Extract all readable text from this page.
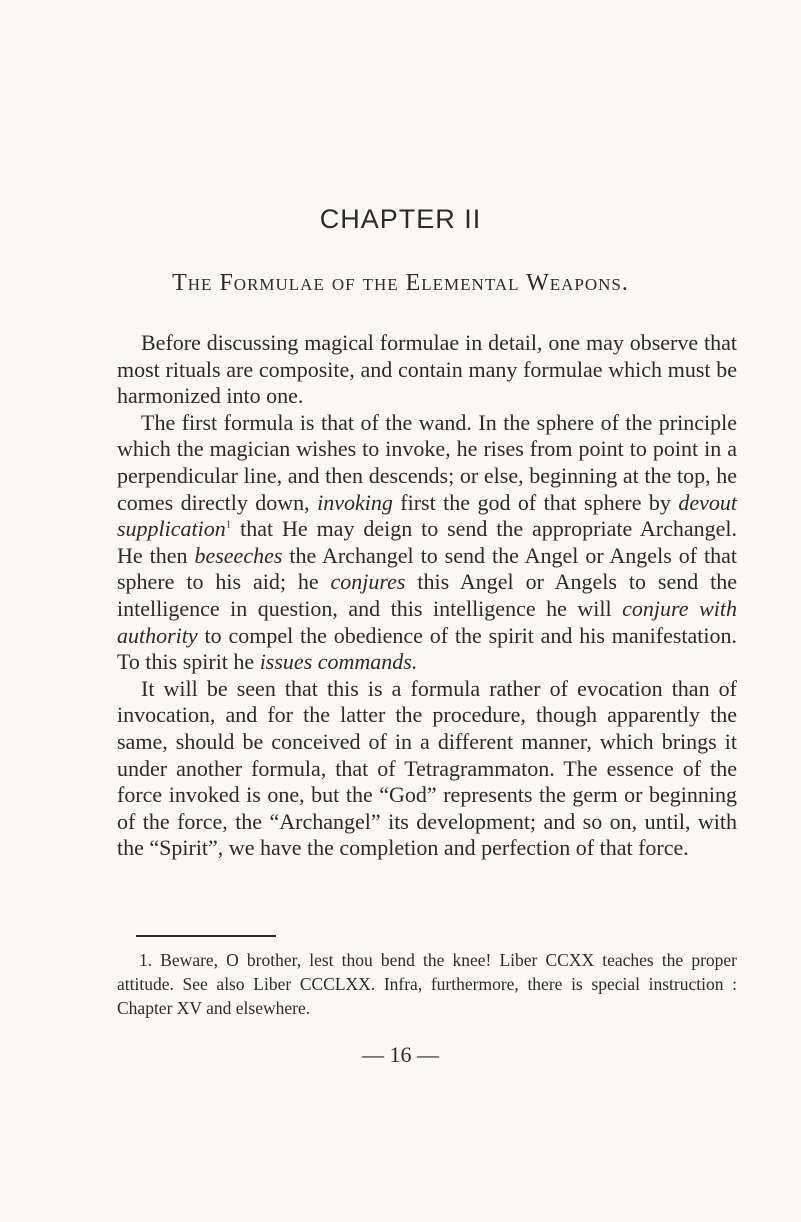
CHAPTER II
The Formulae of the Elemental Weapons.

Before discussing magical formulae in detail, one may observe that most rituals are composite, and contain many formulae which must be harmonized into one.

The first formula is that of the wand. In the sphere of the principle which the magician wishes to invoke, he rises from point to point in a perpendicular line, and then descends; or else, beginning at the top, he comes directly down, invoking first the god of that sphere by devout supplication$^1$ that He may deign to send the appropriate Archangel. He then beseeches the Archangel to send the Angel or Angels of that sphere to his aid; he conjures this Angel or Angels to send the intelligence in question, and this intelligence he will conjure with authority to compel the obedience of the spirit and his manifestation. To this spirit he issues commands.

It will be seen that this is a formula rather of evocation than of invocation, and for the latter the procedure, though apparently the same, should be conceived of in a different manner, which brings it under another formula, that of Tetragrammaton. The essence of the force invoked is one, but the “God” represents the germ or beginning of the force, the “Archangel” its development; and so on, until, with the “Spirit”, we have the completion and perfection of that force.

1. Beware, O brother, lest thou bend the knee! Liber CCXX teaches the proper attitude. See also Liber CCCLXX. Infra, furthermore, there is special instruction : Chapter XV and elsewhere.
— 16 —
